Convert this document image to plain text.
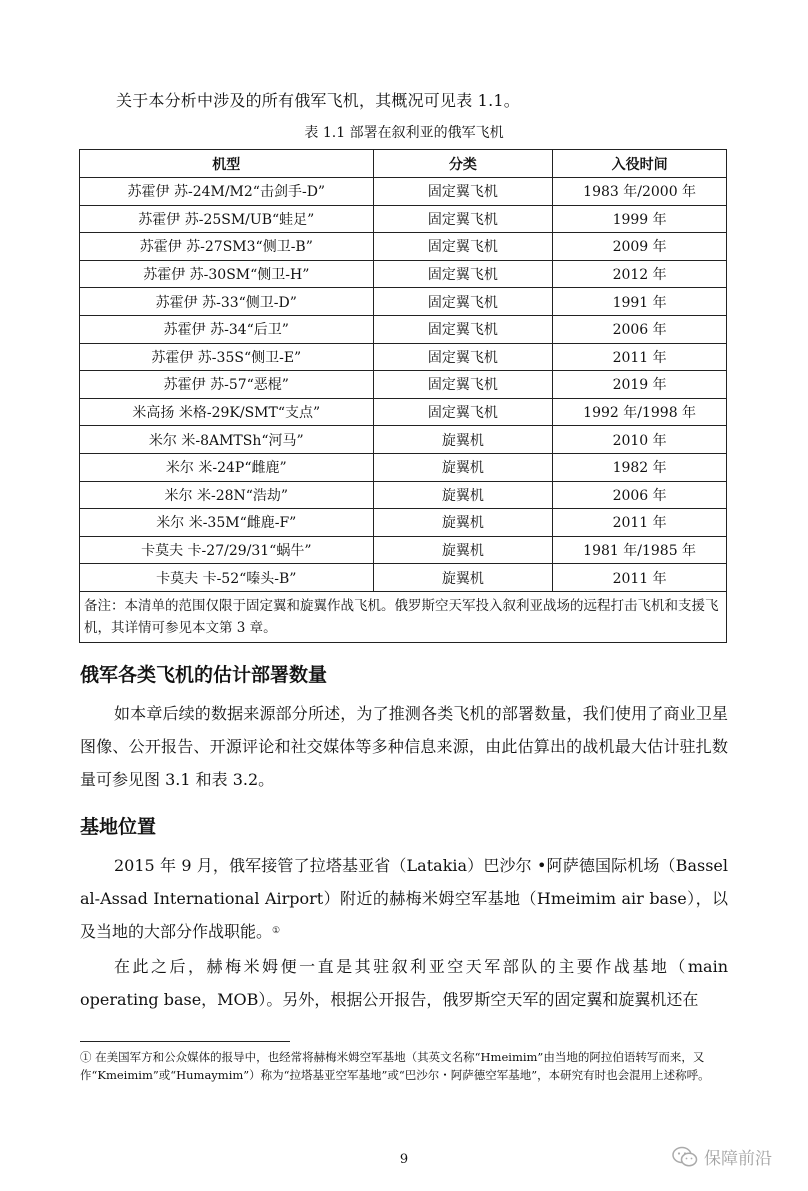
关于本分析中涉及的所有俄军飞机，其概况可见表 1.1。
表 1.1 部署在叙利亚的俄军飞机
机型	分类	入役时间
苏霍伊 苏-24M/M2“击剑手-D”	固定翼飞机	1983 年/2000 年
苏霍伊 苏-25SM/UB“蛙足”	固定翼飞机	1999 年
苏霍伊 苏-27SM3“侧卫-B”	固定翼飞机	2009 年
苏霍伊 苏-30SM“侧卫-H”	固定翼飞机	2012 年
苏霍伊 苏-33“侧卫-D”	固定翼飞机	1991 年
苏霍伊 苏-34“后卫”	固定翼飞机	2006 年
苏霍伊 苏-35S“侧卫-E”	固定翼飞机	2011 年
苏霍伊 苏-57“恶棍”	固定翼飞机	2019 年
米高扬 米格-29K/SMT“支点”	固定翼飞机	1992 年/1998 年
米尔 米-8AMTSh“河马”	旋翼机	2010 年
米尔 米-24P“雌鹿”	旋翼机	1982 年
米尔 米-28N“浩劫”	旋翼机	2006 年
米尔 米-35M“雌鹿-F”	旋翼机	2011 年
卡莫夫 卡-27/29/31“蜗牛”	旋翼机	1981 年/1985 年
卡莫夫 卡-52“嗪头-B”	旋翼机	2011 年
备注：本清单的范围仅限于固定翼和旋翼作战飞机。俄罗斯空天军投入叙利亚战场的远程打击飞机和支援飞机，其详情可参见本文第 3 章。		
俄军各类飞机的估计部署数量

如本章后续的数据来源部分所述，为了推测各类飞机的部署数量，我们使用了商业卫星图像、公开报告、开源评论和社交媒体等多种信息来源，由此估算出的战机最大估计驻扎数量可参见图 3.1 和表 3.2。

基地位置

2015 年 9 月，俄军接管了拉塔基亚省（Latakia）巴沙尔 •阿萨德国际机场（Bassel al-Assad International Airport）附近的赫梅米姆空军基地（Hmeimim air base），以及当地的大部分作战职能。①

在此之后，赫梅米姆便一直是其驻叙利亚空天军部队的主要作战基地（main operating base，MOB）。另外，根据公开报告，俄罗斯空天军的固定翼和旋翼机还在

① 在美国军方和公众媒体的报导中，也经常将赫梅米姆空军基地（其英文名称“Hmeimim”由当地的阿拉伯语转写而来，又作“Kmeimim”或“Humaymim”）称为“拉塔基亚空军基地”或“巴沙尔・阿萨德空军基地”，本研究有时也会混用上述称呼。
9	保障前沿
